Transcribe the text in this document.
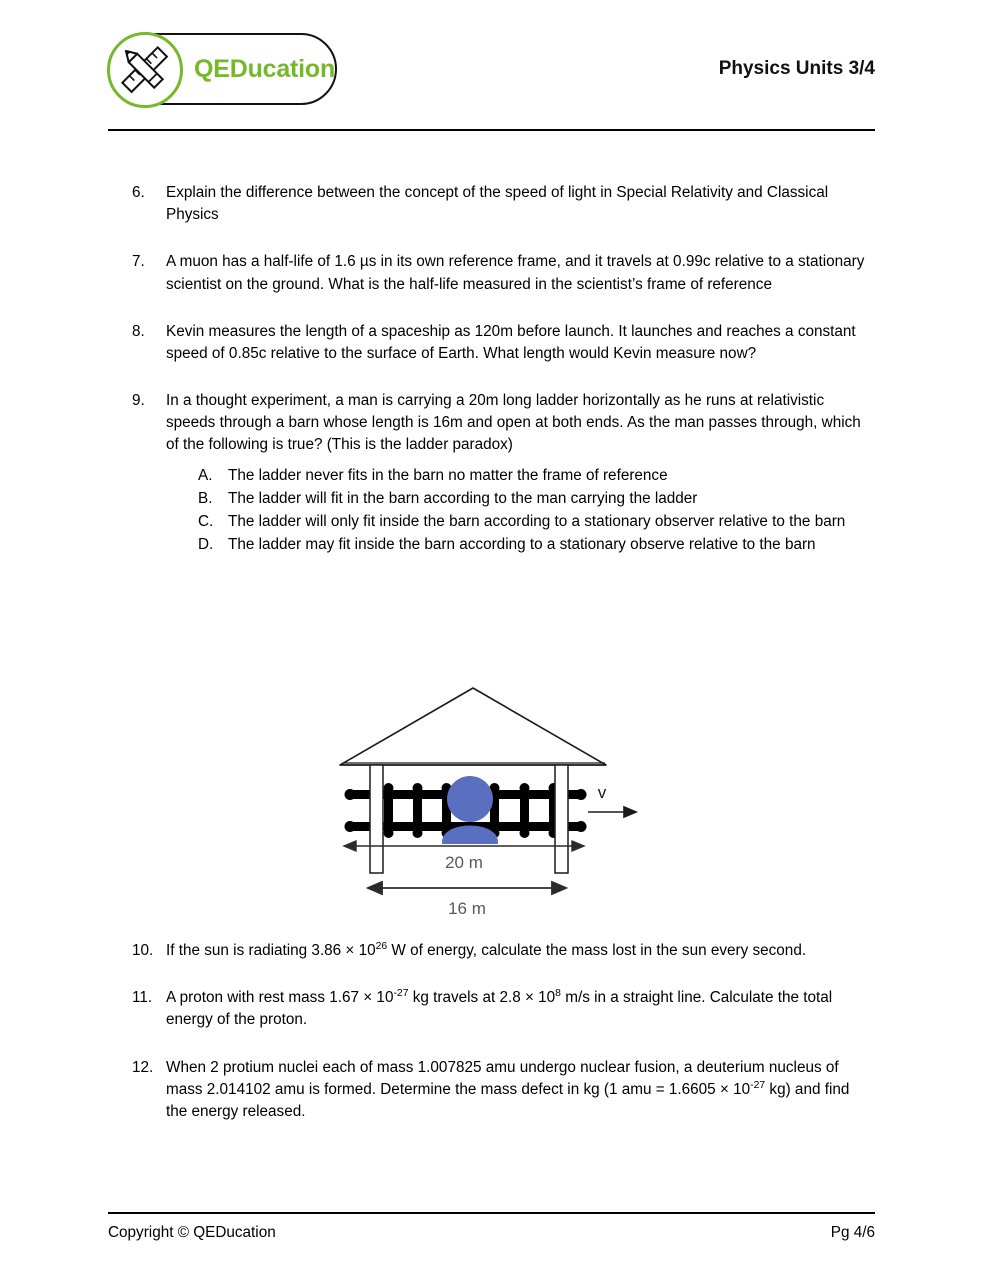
QEDucation	Physics Units 3/4
6.	Explain the difference between the concept of the speed of light in Special Relativity and Classical Physics
7.	A muon has a half-life of 1.6 µs in its own reference frame, and it travels at 0.99c relative to a stationary scientist on the ground. What is the half-life measured in the scientist’s frame of reference
8.	Kevin measures the length of a spaceship as 120m before launch. It launches and reaches a constant speed of 0.85c relative to the surface of Earth. What length would Kevin measure now?
9.	In a thought experiment, a man is carrying a 20m long ladder horizontally as he runs at relativistic speeds through a barn whose length is 16m and open at both ends. As the man passes through, which of the following is true? (This is the ladder paradox)
A.	The ladder never fits in the barn no matter the frame of reference
B.	The ladder will fit in the barn according to the man carrying the ladder
C. The ladder will only fit inside the barn according to a stationary observer relative to the barn
D. The ladder may fit inside the barn according to a stationary observe relative to the barn
20 m
16 m
v
10. If the sun is radiating $3.86 \times 10^{26}$ W of energy, calculate the mass lost in the sun every second.
11. A proton with rest mass $1.67 \times 10^{-27}$ kg travels at $2.8 \times 10^8$ m/s in a straight line. Calculate the total energy of the proton.
12. When 2 protium nuclei each of mass 1.007825 amu undergo nuclear fusion, a deuterium nucleus of mass 2.014102 amu is formed. Determine the mass defect in kg (1 amu = $1.6605 \times 10^{-27}$ kg) and find the energy released.
Copyright © QEDucation	Pg 4/6
